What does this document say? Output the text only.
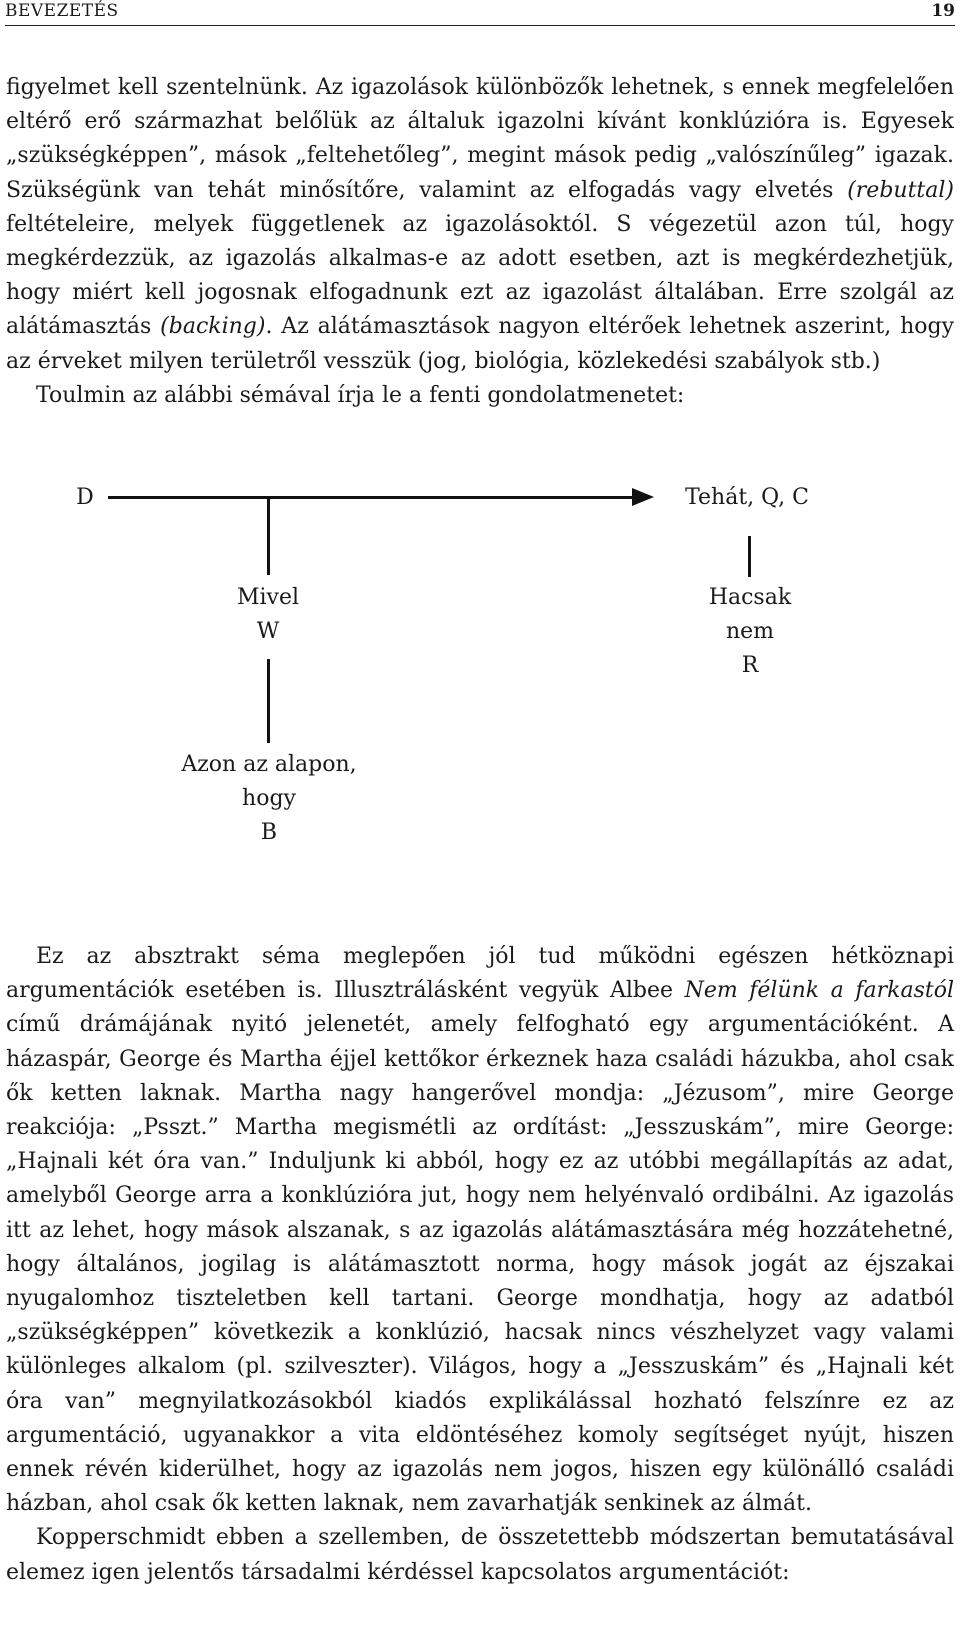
BEVEZETÉS	19

figyelmet kell szentelnünk. Az igazolások különbözők lehetnek, s ennek megfelelően eltérő erő származhat belőlük az általuk igazolni kívánt konklúzióra is. Egyesek „szükségképpen”, mások „feltehetőleg”, megint mások pedig „valószínűleg” igazak. Szükségünk van tehát minősítőre, valamint az elfogadás vagy elvetés (rebuttal) feltételeire, melyek függetlenek az igazolásoktól. S végezetül azon túl, hogy megkérdezzük, az igazolás alkalmas-e az adott esetben, azt is megkérdezhetjük, hogy miért kell jogosnak elfogadnunk ezt az igazolást általában. Erre szolgál az alátámasztás (backing). Az alátámasztások nagyon eltérőek lehetnek aszerint, hogy az érveket milyen területről vesszük (jog, biológia, közlekedési szabályok stb.)

Toulmin az alábbi sémával írja le a fenti gondolatmenetet:

D	Tehát, Q, C
Mivel
W
Hacsak
nem
R
Azon az alapon,
hogy
B

Ez az absztrakt séma meglepően jól tud működni egészen hétköznapi argumentációk esetében is. Illusztrálásként vegyük Albee Nem félünk a farkastól című drámájának nyitó jelenetét, amely felfogható egy argumentációként. A házaspár, George és Martha éjjel kettőkor érkeznek haza családi házukba, ahol csak ők ketten laknak. Martha nagy hangerővel mondja: „Jézusom”, mire George reakciója: „Psszt.” Martha megismétli az ordítást: „Jesszuskám”, mire George: „Hajnali két óra van.” Induljunk ki abból, hogy ez az utóbbi megállapítás az adat, amelyből George arra a konklúzióra jut, hogy nem helyénvaló ordibálni. Az igazolás itt az lehet, hogy mások alszanak, s az igazolás alátámasztására még hozzátehetné, hogy általános, jogilag is alátámasztott norma, hogy mások jogát az éjszakai nyugalomhoz tiszteletben kell tartani. George mondhatja, hogy az adatból „szükségképpen” következik a konklúzió, hacsak nincs vészhelyzet vagy valami különleges alkalom (pl. szilveszter). Világos, hogy a „Jesszuskám” és „Hajnali két óra van” megnyilatkozásokból kiadós explikálással hozható felszínre ez az argumentáció, ugyanakkor a vita eldöntéséhez komoly segítséget nyújt, hiszen ennek révén kiderülhet, hogy az igazolás nem jogos, hiszen egy különálló családi házban, ahol csak ők ketten laknak, nem zavarhatják senkinek az álmát.

Kopperschmidt ebben a szellemben, de összetettebb módszertan bemutatásával elemez igen jelentős társadalmi kérdéssel kapcsolatos argumentációt:
